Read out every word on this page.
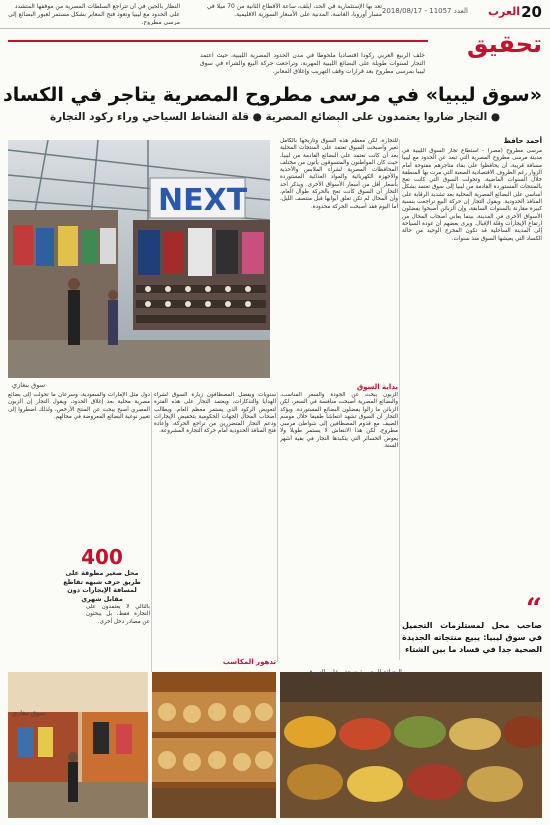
20
العرب
2018/08/17 - العدد 11057
تعد بها الإستثمارية في الحد، أيلف، ساعة الأقطاع الثانية من 70 ميلا في مسار أوروبا، الغاسة، المدنية على الأسعار السورية الاقليمية.
النظار بالحين في أن تتراجع السلطات المصرية من موقفها المتشدد على الحدود مع ليبيا وتعود فتح المعابر بشكل مستمر لعبور البضائع إلى مرسى مطروح.
تحقيق
خلف الربيع العربي ركودا اقتصاديا ملحوظا في مدن الحدود المصرية الليبية، حيث اعتمد التجار لسنوات طويلة على البضائع الليبية المهربة، وتراجعت حركة البيع والشراء في سوق ليبيا بمرسى مطروح بعد قرارات وقف التهريب وإغلاق المعابر.
«سوق ليبيا» في مرسى مطروح المصرية يتاجر في الكساد
● التجار ضاروا يعتمدون على البضائع المصرية ● قلة النشاط السياحي وراء ركود التجارة
NEXT
سوق بنغازي
أحمد حافظ
مرسى مطروح (مصر) - استطاع تجار السوق الليبية في مدينة مرسى مطروح المصرية التي تبعد عن الحدود مع ليبيا مسافة قريبة، أن يحافظوا على بقاء متاجرهم مفتوحة أمام الزوار رغم الظروف الاقتصادية الصعبة التي مرت بها المنطقة خلال السنوات الماضية، وتحولت السوق التي كانت تعج بالمنتجات المستوردة القادمة من ليبيا إلى سوق تعتمد بشكل أساسي على البضائع المصرية المحلية بعد تشديد الرقابة على المنافذ الحدودية. ويقول التجار إن حركة البيع تراجعت بنسبة كبيرة مقارنة بالسنوات السابقة، وإن الزبائن أصبحوا يفضلون الأسواق الأخرى في المدينة، بينما يعاني أصحاب المحال من ارتفاع الإيجارات وقلة الإقبال. ويرى بعضهم أن عودة السياحة إلى المدينة الساحلية قد تكون المخرج الوحيد من حالة الكساد التي يعيشها السوق منذ سنوات.
للتجارة، لكن معظم هذه السوق وتاريخها بالكامل تغير وأصبحت السوق تعتمد على المنتجات المحلية بعد أن كانت تعتمد على البضائع القادمة من ليبيا، حيث كان المواطنون والمتسوقون يأتون من مختلف المحافظات المصرية لشراء الملابس والأحذية والأجهزة الكهربائية والمواد الغذائية المستوردة بأسعار أقل من أسعار الأسواق الأخرى. ويذكر أحد التجار أن السوق كانت تعج بالحركة طوال العام، وأن المحال لم تكن تغلق أبوابها قبل منتصف الليل، أما اليوم فقد أصبحت الحركة محدودة.
بداية السوق
الزبون يبحث عن الجودة والسعر المناسب، والبضائع المصرية أصبحت منافسة في السعر، لكن الزبائن ما زالوا يفضلون البضائع المستوردة. ويؤكد التجار أن السوق تشهد انتعاشا طفيفا خلال موسم الصيف مع قدوم المصطافين إلى شواطئ مرسى مطروح، لكن هذا الانتعاش لا يستمر طويلا ولا يعوض الخسائر التي يتكبدها التجار في بقية أشهر السنة.
سنويات ويفضل المصطافون زيارة السوق لشراء الهدايا والتذكارات، ويعتمد التجار على هذه الفترة لتعويض الركود الذي يستمر معظم العام. ويطالب أصحاب المحال الجهات الحكومية بتخفيض الإيجارات ودعم التجار المتضررين من تراجع الحركة، وإعادة فتح المنافذ الحدودية أمام حركة التجارة المشروعة.
تدهور المكاسب
دول مثل الإمارات والسعودية، وسرعان ما تحولت إلى بضائع مصرية محلية بعد إغلاق الحدود، ويقول التجار إن الزبون المصري أصبح يبحث عن المنتج الأرخص، ولذلك اضطروا إلى تغيير نوعية البضائع المعروضة في محالهم.
بالتالي لا يعتمدون على التجارة فقط، بل يبحثون عن مصادر دخل أخرى.
400
محل صغير مطوقة على طريق حرف شبهه تقاطع لمسافة الإيجارات دون مقابل شهري	“
صاحب محل لمستلزمات التجميل في سوق ليبيا: يبيع منتجاته الجديدة الصحية جدا في فساد ما بين الشتاء
سوق بنغازي
البضائع المصرية تزحف على السوق
